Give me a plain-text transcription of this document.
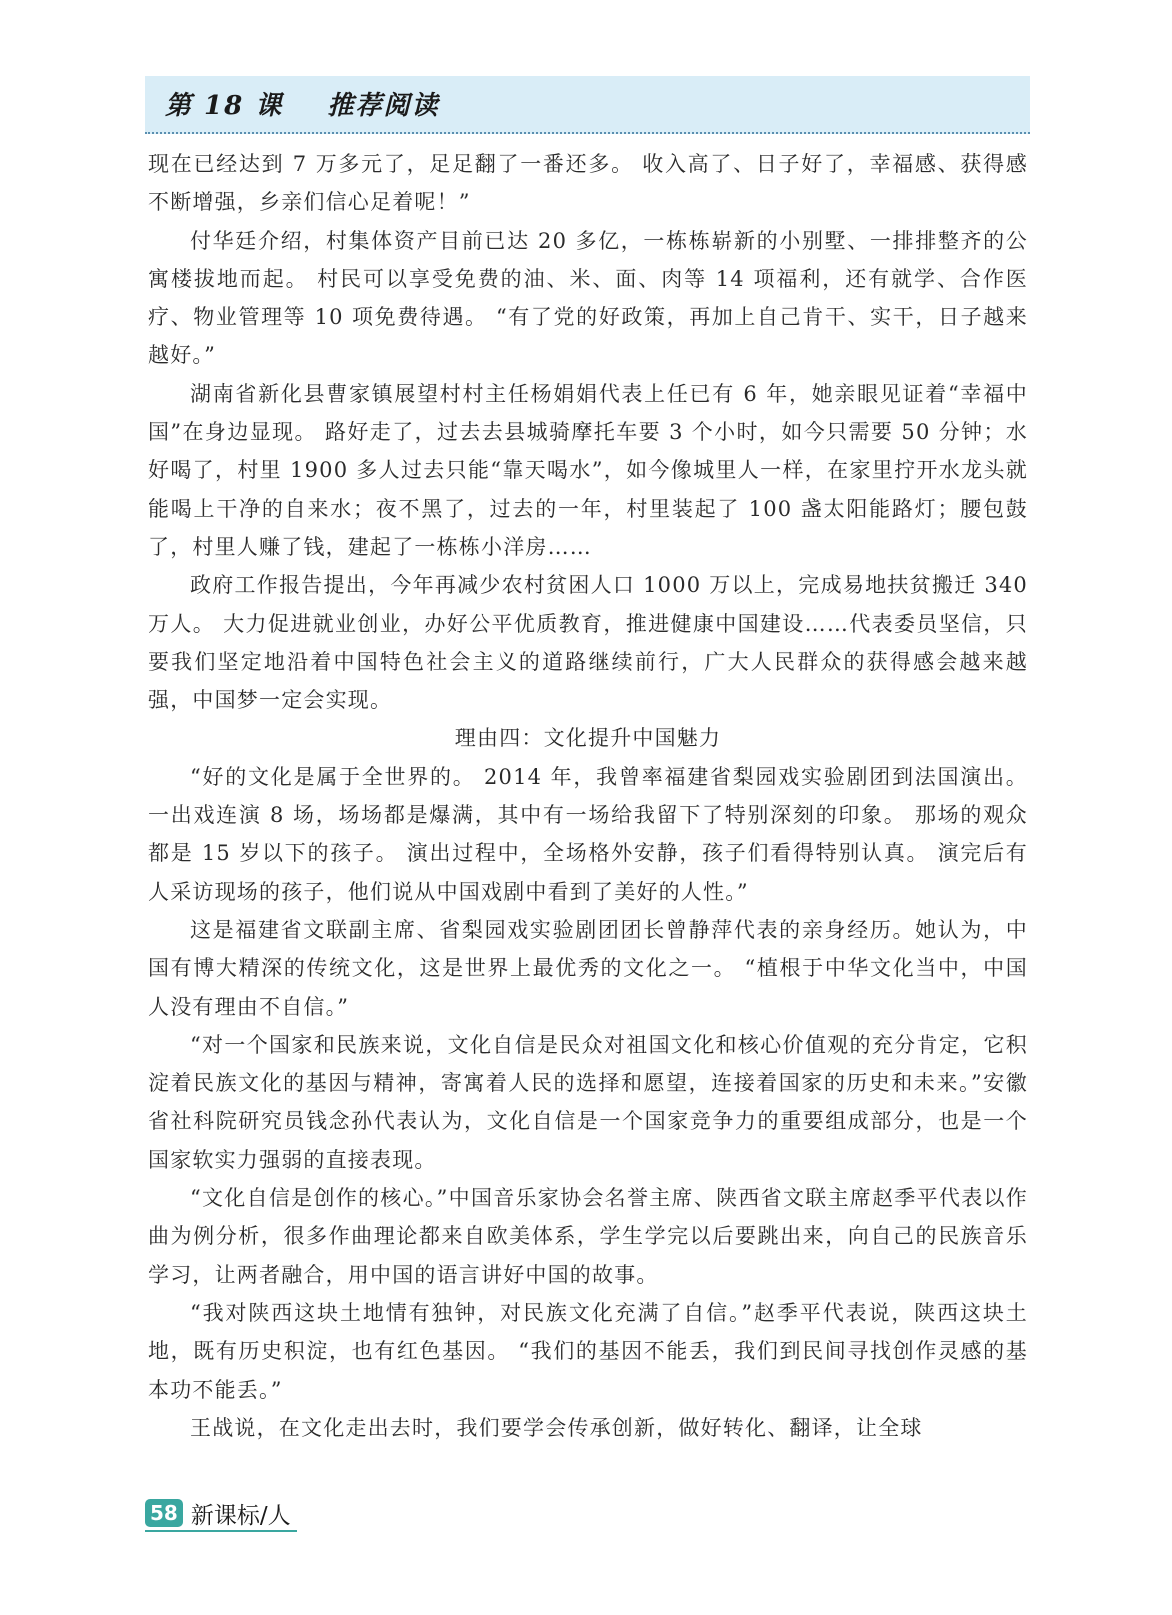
第 18 课    推荐阅读

现在已经达到 7 万多元了，足足翻了一番还多。 收入高了、日子好了，幸福感、获得感不断增强，乡亲们信心足着呢！”

付华廷介绍，村集体资产目前已达 20 多亿，一栋栋崭新的小别墅、一排排整齐的公寓楼拔地而起。 村民可以享受免费的油、米、面、肉等 14 项福利，还有就学、合作医疗、物业管理等 10 项免费待遇。 “有了党的好政策，再加上自己肯干、实干，日子越来越好。”

湖南省新化县曹家镇展望村村主任杨娟娟代表上任已有 6 年，她亲眼见证着“幸福中国”在身边显现。 路好走了，过去去县城骑摩托车要 3 个小时，如今只需要 50 分钟；水好喝了，村里 1900 多人过去只能“靠天喝水”，如今像城里人一样，在家里拧开水龙头就能喝上干净的自来水；夜不黑了，过去的一年，村里装起了 100 盏太阳能路灯；腰包鼓了，村里人赚了钱，建起了一栋栋小洋房……

政府工作报告提出，今年再减少农村贫困人口 1000 万以上，完成易地扶贫搬迁 340 万人。 大力促进就业创业，办好公平优质教育，推进健康中国建设……代表委员坚信，只要我们坚定地沿着中国特色社会主义的道路继续前行，广大人民群众的获得感会越来越强，中国梦一定会实现。

理由四：文化提升中国魅力

“好的文化是属于全世界的。 2014 年，我曾率福建省梨园戏实验剧团到法国演出。 一出戏连演 8 场，场场都是爆满，其中有一场给我留下了特别深刻的印象。 那场的观众都是 15 岁以下的孩子。 演出过程中，全场格外安静，孩子们看得特别认真。 演完后有人采访现场的孩子，他们说从中国戏剧中看到了美好的人性。”

这是福建省文联副主席、省梨园戏实验剧团团长曾静萍代表的亲身经历。她认为，中国有博大精深的传统文化，这是世界上最优秀的文化之一。 “植根于中华文化当中，中国人没有理由不自信。”

“对一个国家和民族来说，文化自信是民众对祖国文化和核心价值观的充分肯定，它积淀着民族文化的基因与精神，寄寓着人民的选择和愿望，连接着国家的历史和未来。”安徽省社科院研究员钱念孙代表认为，文化自信是一个国家竞争力的重要组成部分，也是一个国家软实力强弱的直接表现。

“文化自信是创作的核心。”中国音乐家协会名誉主席、陕西省文联主席赵季平代表以作曲为例分析，很多作曲理论都来自欧美体系，学生学完以后要跳出来，向自己的民族音乐学习，让两者融合，用中国的语言讲好中国的故事。

“我对陕西这块土地情有独钟，对民族文化充满了自信。”赵季平代表说，陕西这块土地，既有历史积淀，也有红色基因。 “我们的基因不能丢，我们到民间寻找创作灵感的基本功不能丢。”

王战说，在文化走出去时，我们要学会传承创新，做好转化、翻译，让全球

58 新课标/人
